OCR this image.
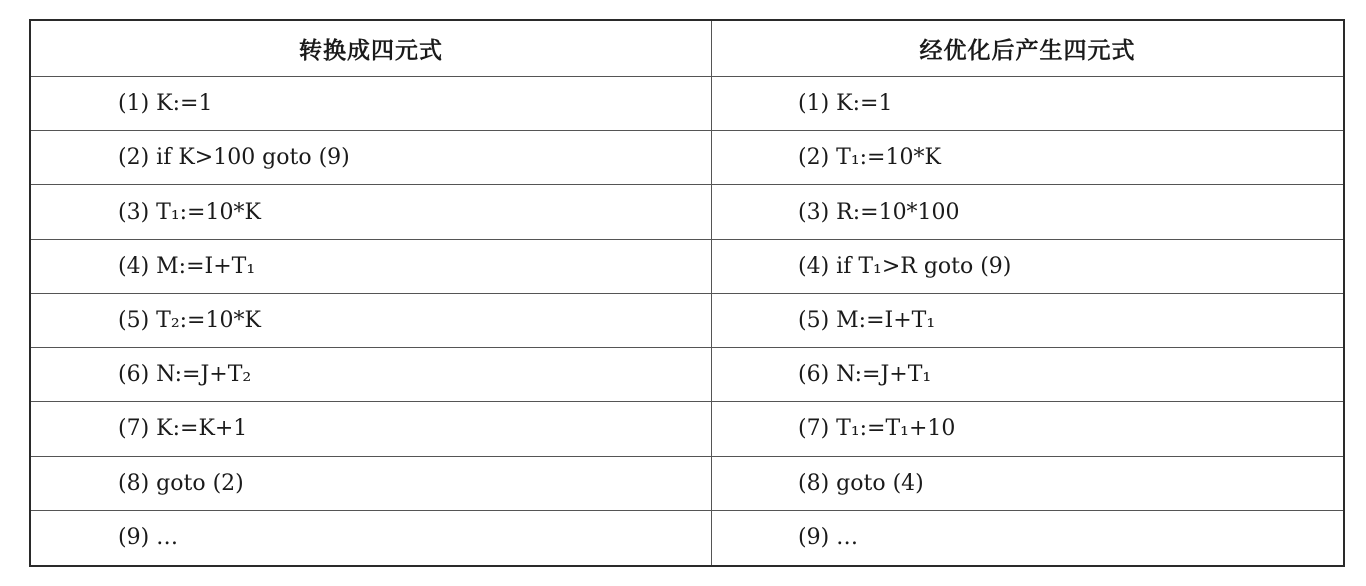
转换成四元式	经优化后产生四元式
(1) K:=1	(1) K:=1
(2) if K>100 goto (9)	(2) T₁:=10*K
(3) T₁:=10*K	(3) R:=10*100
(4) M:=I+T₁	(4) if T₁>R goto (9)
(5) T₂:=10*K	(5) M:=I+T₁
(6) N:=J+T₂	(6) N:=J+T₁
(7) K:=K+1	(7) T₁:=T₁+10
(8) goto (2)	(8) goto (4)
(9) …	(9) …
